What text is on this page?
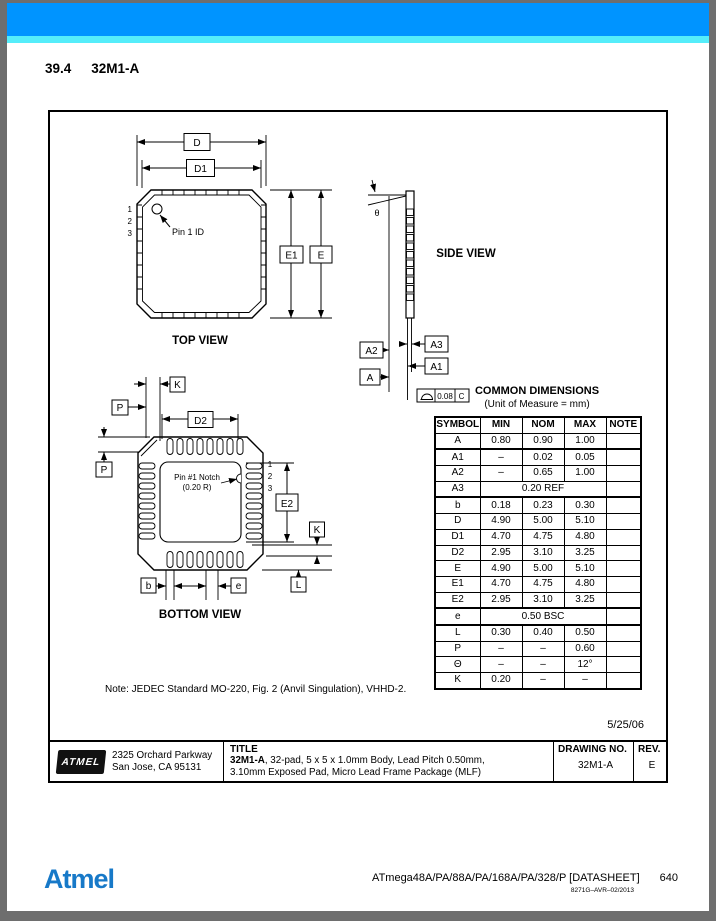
39.4 32M1-A
D
D1
E1 E
1
2
3	Pin 1 ID
TOP VIEW
θ
A3
A1
A2
A
0.08 C
SIDE VIEW
K
P
D2
P
E2
K
b	e	L
Pin #1 Notch
(0.20 R)
1
2
3
BOTTOM VIEW
COMMON DIMENSIONS
(Unit of Measure = mm)
SYMBOL	MIN	NOM	MAX	NOTE
A	0.80	0.90	1.00	
A1	–	0.02	0.05	
A2	–	0.65	1.00	
A3	0.20 REF			
b	0.18	0.23	0.30	
D	4.90	5.00	5.10	
D1	4.70	4.75	4.80	
D2	2.95	3.10	3.25	
E	4.90	5.00	5.10	
E1	4.70	4.75	4.80	
E2	2.95	3.10	3.25	
e	0.50 BSC			
L	0.30	0.40	0.50	
P	–	–	0.60	
Θ	–	–	12°	
K	0.20	–	–	
Note: JEDEC Standard MO-220, Fig. 2 (Anvil Singulation), VHHD-2.
5/25/06
ATMEL
2325 Orchard Parkway
San Jose, CA 95131
TITLE
32M1-A, 32-pad, 5 x 5 x 1.0mm Body, Lead Pitch 0.50mm,
3.10mm Exposed Pad, Micro Lead Frame Package (MLF)
DRAWING NO.
32M1-A
REV.
E
Atmel	ATmega48A/PA/88A/PA/168A/PA/328/P [DATASHEET] 640
8271G–AVR–02/2013
